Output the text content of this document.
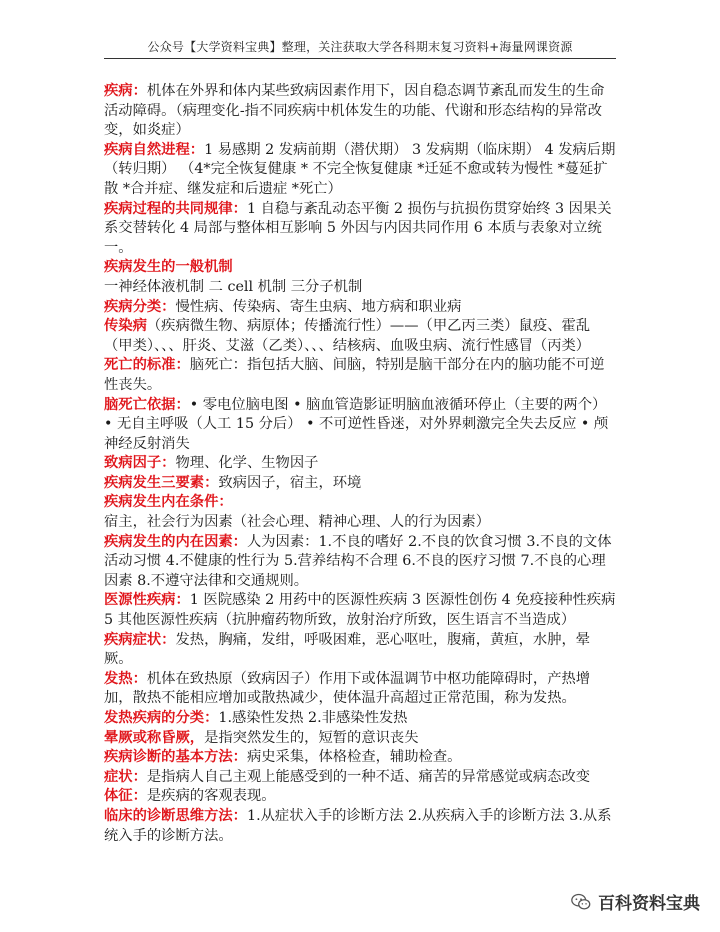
公众号【大学资料宝典】整理，关注获取大学各科期末复习资料+海量网课资源

疾病：机体在外界和体内某些致病因素作用下，因自稳态调节紊乱而发生的生命活动障碍。（病理变化-指不同疾病中机体发生的功能、代谢和形态结构的异常改变，如炎症）

疾病自然进程：1 易感期 2 发病前期（潜伏期） 3 发病期（临床期） 4 发病后期（转归期） （4*完全恢复健康 * 不完全恢复健康 *迁延不愈或转为慢性 *蔓延扩散 *合并症、继发症和后遗症 *死亡）

疾病过程的共同规律：1 自稳与紊乱动态平衡 2 损伤与抗损伤贯穿始终 3 因果关系交替转化 4 局部与整体相互影响 5 外因与内因共同作用 6 本质与表象对立统一。

疾病发生的一般机制

一神经体液机制 二 cell 机制 三分子机制

疾病分类：慢性病、传染病、寄生虫病、地方病和职业病

传染病（疾病微生物、病原体；传播流行性）——（甲乙丙三类）鼠疫、霍乱（甲类）、、、肝炎、艾滋（乙类）、、、结核病、血吸虫病、流行性感冒（丙类）

死亡的标准：脑死亡：指包括大脑、间脑，特别是脑干部分在内的脑功能不可逆性丧失。

脑死亡依据：• 零电位脑电图 • 脑血管造影证明脑血液循环停止（主要的两个） • 无自主呼吸（人工 15 分后） • 不可逆性昏迷，对外界刺激完全失去反应 • 颅神经反射消失

致病因子：物理、化学、生物因子

疾病发生三要素：致病因子，宿主，环境

疾病发生内在条件：宿主，社会行为因素（社会心理、精神心理、人的行为因素）

疾病发生的内在因素：人为因素：1.不良的嗜好 2.不良的饮食习惯 3.不良的文体活动习惯 4.不健康的性行为 5.营养结构不合理 6.不良的医疗习惯 7.不良的心理因素 8.不遵守法律和交通规则。

医源性疾病：1 医院感染 2 用药中的医源性疾病 3 医源性创伤 4 免疫接种性疾病 5 其他医源性疾病（抗肿瘤药物所致，放射治疗所致，医生语言不当造成）

疾病症状：发热，胸痛，发绀，呼吸困难，恶心呕吐，腹痛，黄疸，水肿，晕厥。

发热：机体在致热原（致病因子）作用下或体温调节中枢功能障碍时，产热增加，散热不能相应增加或散热减少，使体温升高超过正常范围，称为发热。

发热疾病的分类：1.感染性发热 2.非感染性发热

晕厥或称昏厥，是指突然发生的，短暂的意识丧失

疾病诊断的基本方法：病史采集，体格检查，辅助检查。

症状：是指病人自己主观上能感受到的一种不适、痛苦的异常感觉或病态改变

体征：是疾病的客观表现。

临床的诊断思维方法：1.从症状入手的诊断方法 2.从疾病入手的诊断方法 3.从系统入手的诊断方法。

百科资料宝典
